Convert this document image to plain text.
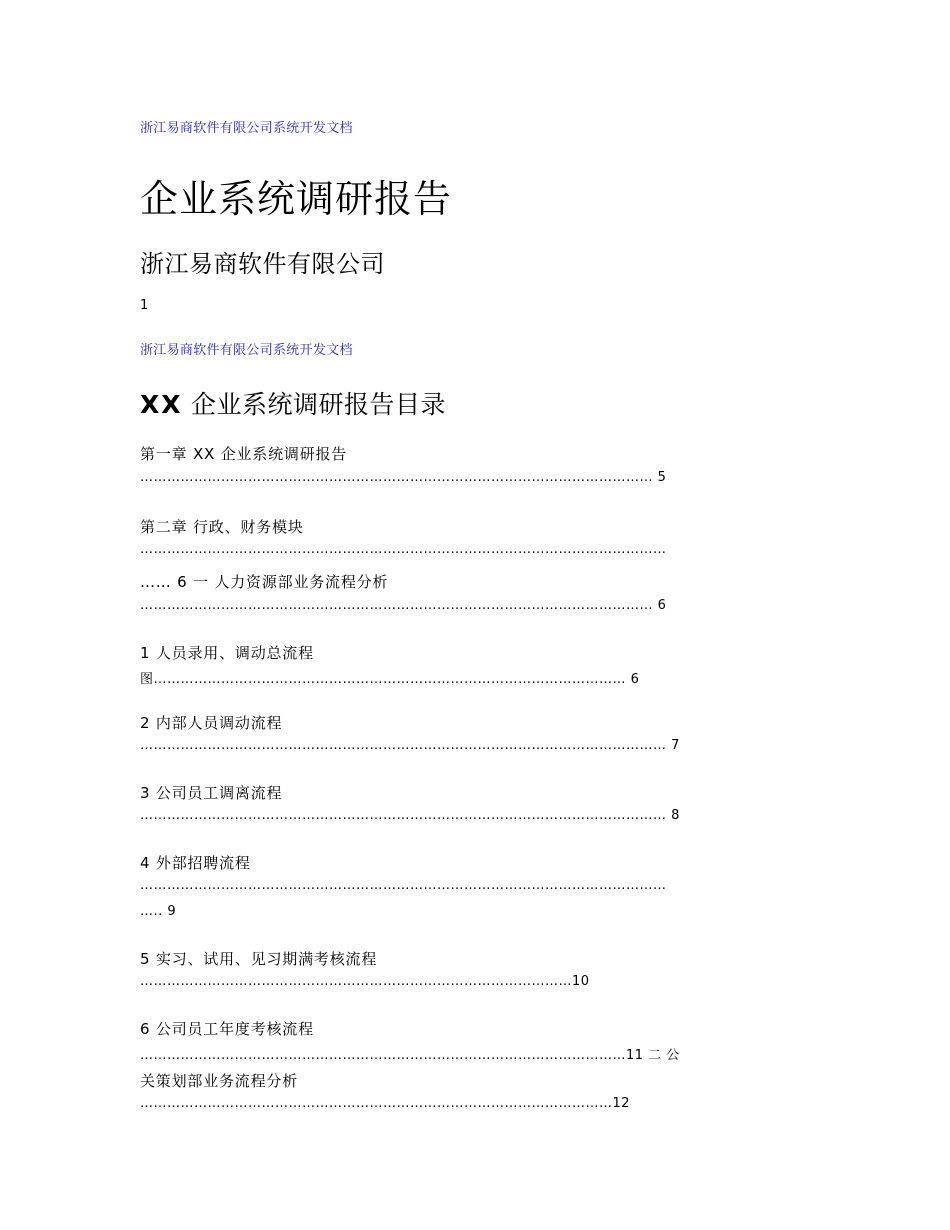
浙江易商软件有限公司系统开发文档
企业系统调研报告
浙江易商软件有限公司
1
浙江易商软件有限公司系统开发文档
XX 企业系统调研报告目录
第一章 XX 企业系统调研报告
…………………………………………………………………………………………………… 5
第二章 行政、财务模块
………………………………………………………………………………………………………
…… 6 一 人力资源部业务流程分析
…………………………………………………………………………………………………… 6
1 人员录用、调动总流程
图…………………………………………………………………………………………… 6
2 内部人员调动流程
……………………………………………………………………………………………………… 7
3 公司员工调离流程
……………………………………………………………………………………………………… 8
4 外部招聘流程
………………………………………………………………………………………………………
….. 9
5 实习、试用、见习期满考核流程
……………………………………………………………………………………10
6 公司员工年度考核流程
………………………………………………………………………………………………11 二 公
关策划部业务流程分析
……………………………………………………………………………………………12
